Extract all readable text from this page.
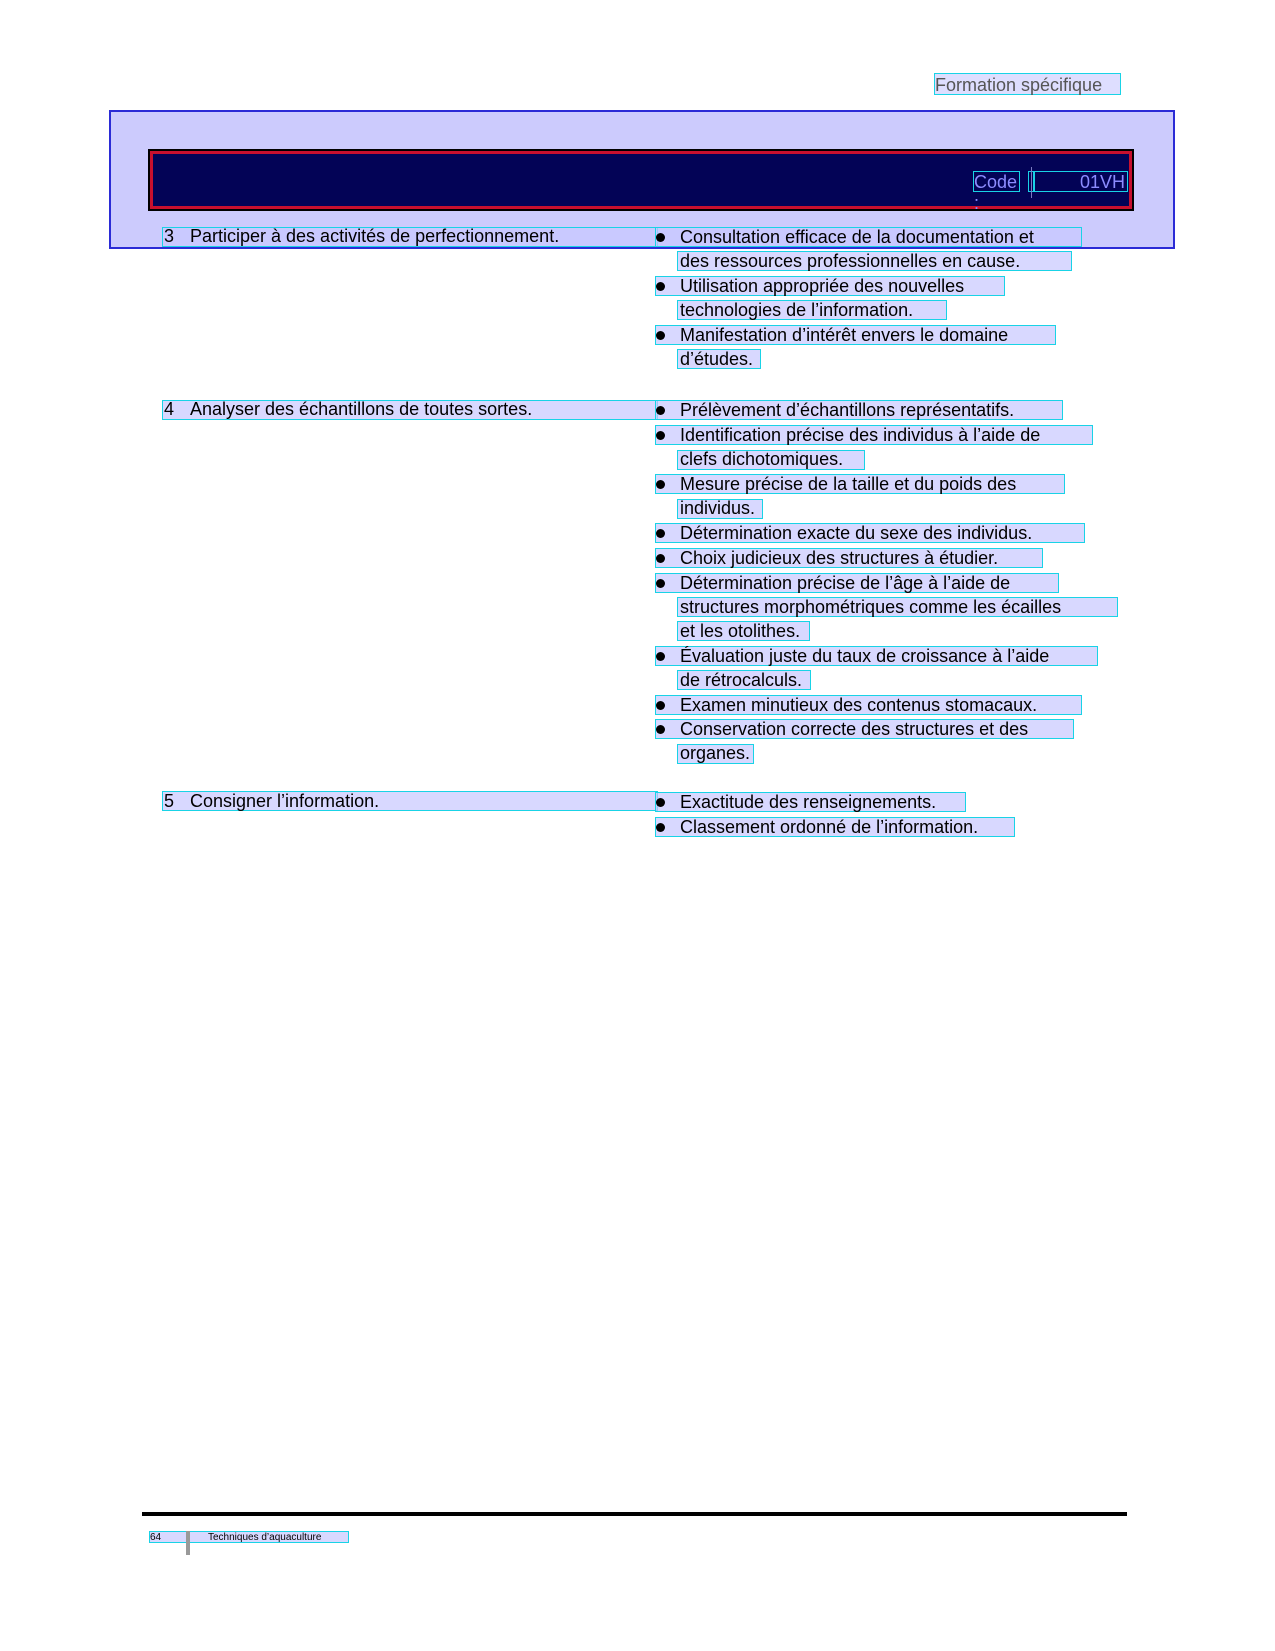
Formation spécifique
Code :
01VH
3 Participer à des activités de perfectionnement.	Consultation efficace de la documentation et
des ressources professionnelles en cause.
Utilisation appropriée des nouvelles
technologies de l’information.
Manifestation d’intérêt envers le domaine
d’études.
4 Analyser des échantillons de toutes sortes.	Prélèvement d’échantillons représentatifs.
Identification précise des individus à l’aide de
clefs dichotomiques.
Mesure précise de la taille et du poids des
individus.
Détermination exacte du sexe des individus.
Choix judicieux des structures à étudier.
Détermination précise de l’âge à l’aide de
structures morphométriques comme les écailles
et les otolithes.
Évaluation juste du taux de croissance à l’aide
de rétrocalculs.
Examen minutieux des contenus stomacaux.
Conservation correcte des structures et des
organes.
5 Consigner l’information.	Exactitude des renseignements.
Classement ordonné de l’information.
64	Techniques d’aquaculture
